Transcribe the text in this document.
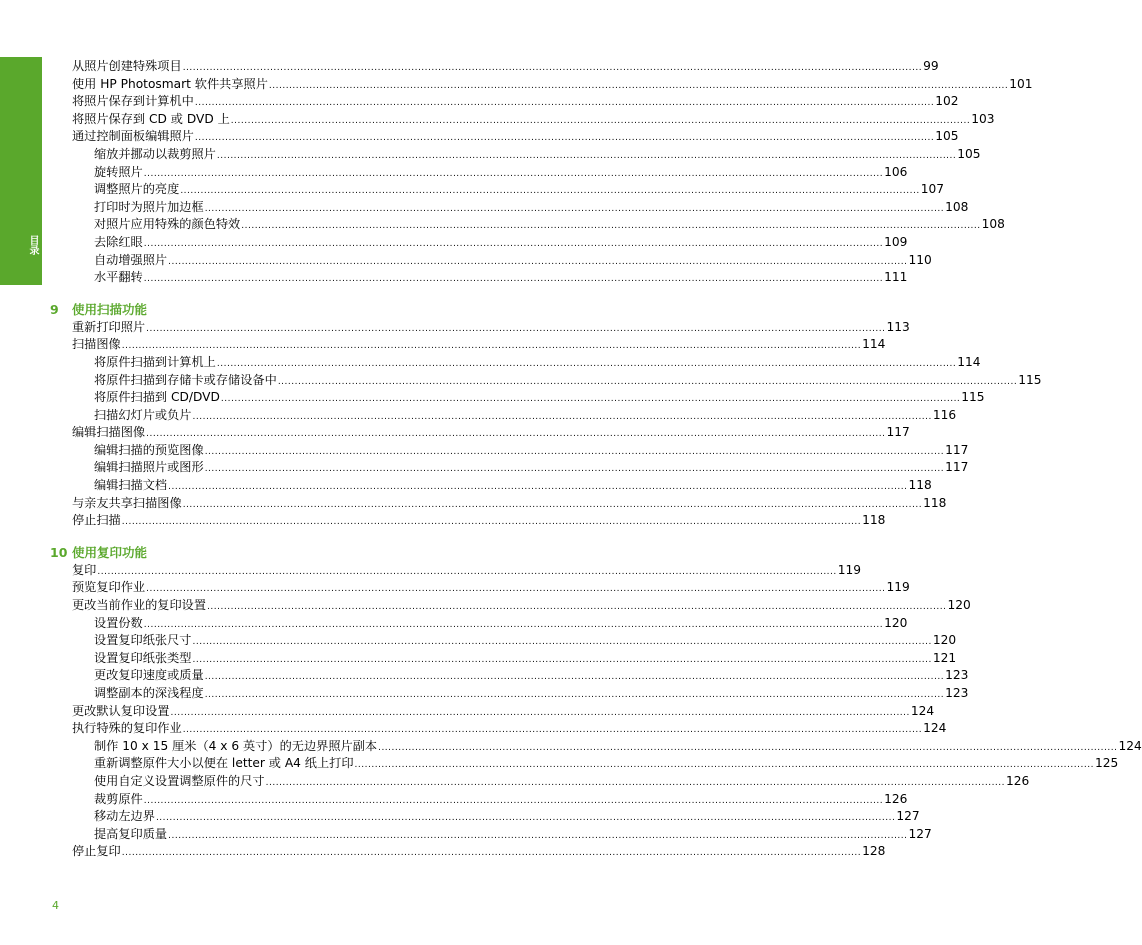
目录
从照片创建特殊项目 ............................................................................................................................................................................................................................ 99
使用 HP Photosmart 软件共享照片 ............................................................................................................................................................................................................................ 101
将照片保存到计算机中 ............................................................................................................................................................................................................................ 102
将照片保存到 CD 或 DVD 上 ............................................................................................................................................................................................................................ 103
通过控制面板编辑照片 ............................................................................................................................................................................................................................ 105
缩放并挪动以裁剪照片 ............................................................................................................................................................................................................................ 105
旋转照片 ............................................................................................................................................................................................................................ 106
调整照片的亮度 ............................................................................................................................................................................................................................ 107
打印时为照片加边框 ............................................................................................................................................................................................................................ 108
对照片应用特殊的颜色特效 ............................................................................................................................................................................................................................ 108
去除红眼 ............................................................................................................................................................................................................................ 109
自动增强照片 ............................................................................................................................................................................................................................ 110
水平翻转 ............................................................................................................................................................................................................................ 111
9 使用扫描功能
重新打印照片 ............................................................................................................................................................................................................................ 113
扫描图像 ............................................................................................................................................................................................................................ 114
将原件扫描到计算机上 ............................................................................................................................................................................................................................ 114
将原件扫描到存储卡或存储设备中 ............................................................................................................................................................................................................................ 115
将原件扫描到 CD/DVD ............................................................................................................................................................................................................................ 115
扫描幻灯片或负片 ............................................................................................................................................................................................................................ 116
编辑扫描图像 ............................................................................................................................................................................................................................ 117
编辑扫描的预览图像 ............................................................................................................................................................................................................................ 117
编辑扫描照片或图形 ............................................................................................................................................................................................................................ 117
编辑扫描文档 ............................................................................................................................................................................................................................ 118
与亲友共享扫描图像 ............................................................................................................................................................................................................................ 118
停止扫描 ............................................................................................................................................................................................................................ 118
10 使用复印功能
复印 ............................................................................................................................................................................................................................ 119
预览复印作业 ............................................................................................................................................................................................................................ 119
更改当前作业的复印设置 ............................................................................................................................................................................................................................ 120
设置份数 ............................................................................................................................................................................................................................ 120
设置复印纸张尺寸 ............................................................................................................................................................................................................................ 120
设置复印纸张类型 ............................................................................................................................................................................................................................ 121
更改复印速度或质量 ............................................................................................................................................................................................................................ 123
调整副本的深浅程度 ............................................................................................................................................................................................................................ 123
更改默认复印设置 ............................................................................................................................................................................................................................ 124
执行特殊的复印作业 ............................................................................................................................................................................................................................ 124
制作 10 x 15 厘米（4 x 6 英寸）的无边界照片副本 ............................................................................................................................................................................................................................ 124
重新调整原件大小以便在 letter 或 A4 纸上打印 ............................................................................................................................................................................................................................ 125
使用自定义设置调整原件的尺寸 ............................................................................................................................................................................................................................ 126
裁剪原件 ............................................................................................................................................................................................................................ 126
移动左边界 ............................................................................................................................................................................................................................ 127
提高复印质量 ............................................................................................................................................................................................................................ 127
停止复印 ............................................................................................................................................................................................................................ 128
4
